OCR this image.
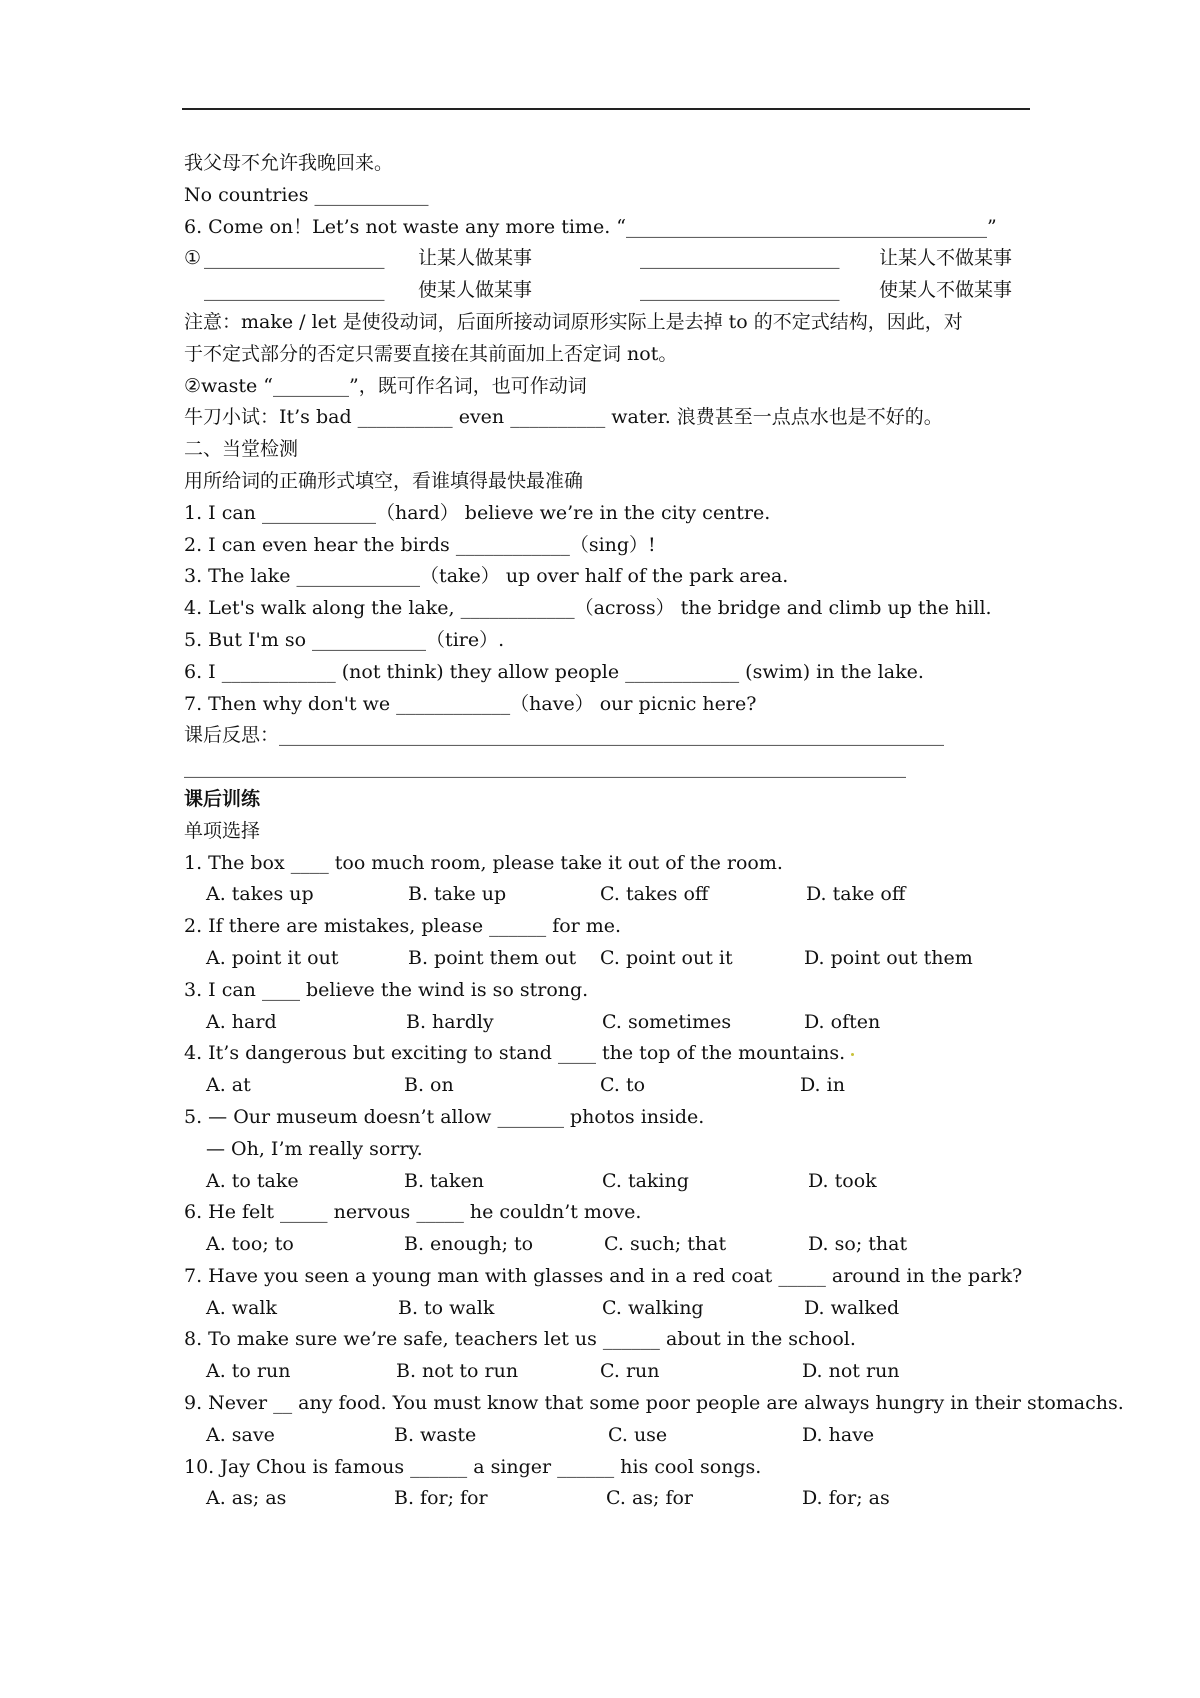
我父母不允许我晚回来。
No countries ____________
6. Come on！Let’s not waste any more time. “______________________________________”
① ___________________ 让某人做某事	_____________________ 让某人不做某事
___________________ 使某人做某事	_____________________ 使某人不做某事
注意：make / let 是使役动词，后面所接动词原形实际上是去掉 to 的不定式结构，因此，对
于不定式部分的否定只需要直接在其前面加上否定词 not。
②waste “________”，既可作名词，也可作动词
牛刀小试：It’s bad __________ even __________ water. 浪费甚至一点点水也是不好的。
二、当堂检测
用所给词的正确形式填空，看谁填得最快最准确
1. I can ____________（hard） believe we’re in the city centre.
2. I can even hear the birds ____________（sing）!
3. The lake _____________（take） up over half of the park area.
4. Let's walk along the lake, ____________（across） the bridge and climb up the hill.
5. But I'm so ____________（tire）.
6. I ____________ (not think) they allow people ____________ (swim) in the lake.
7. Then why don't we ____________（have） our picnic here?
课后反思：______________________________________________________________________
____________________________________________________________________________
课后训练
单项选择
1. The box ____ too much room, please take it out of the room.
A. takes up	B. take up	C. takes off	D. take off
2. If there are mistakes, please ______ for me.
A. point it out	B. point them out C. point out it	D. point out them
3. I can ____ believe the wind is so strong.
A. hard	B. hardly	C. sometimes	D. often
4. It’s dangerous but exciting to stand ____ the top of the mountains.
A. at	B. on	C. to	D. in
5. — Our museum doesn’t allow _______ photos inside.
— Oh, I’m really sorry.
A. to take	B. taken	C. taking	D. took
6. He felt _____ nervous _____ he couldn’t move.
A. too; to	B. enough; to	C. such; that	D. so; that
7. Have you seen a young man with glasses and in a red coat _____ around in the park?
A. walk	B. to walk	C. walking	D. walked
8. To make sure we’re safe, teachers let us ______ about in the school.
A. to run	B. not to run	C. run	D. not run
9. Never __ any food. You must know that some poor people are always hungry in their stomachs.
A. save	B. waste	C. use	D. have
10. Jay Chou is famous ______ a singer ______ his cool songs.
A. as; as	B. for; for	C. as; for	D. for; as
